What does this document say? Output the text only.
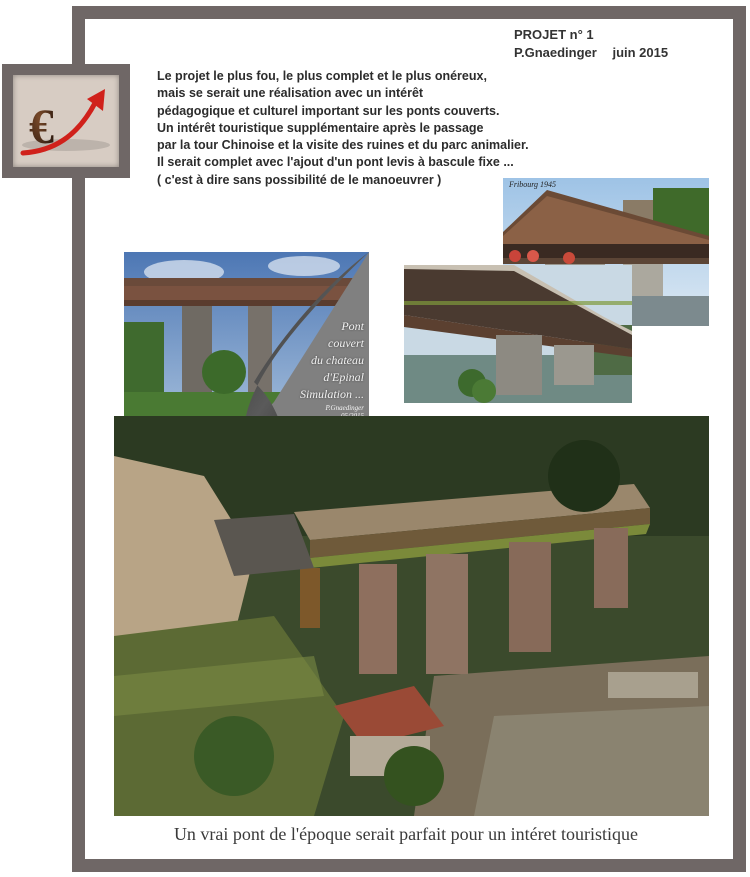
€
PROJET n° 1
P.Gnaedinger juin 2015
Le projet le plus fou, le plus complet et le plus onéreux,
mais se serait une réalisation avec un intérêt
pédagogique et culturel important sur les ponts couverts.
Un intérêt touristique supplémentaire après le passage
par la tour Chinoise et la visite des ruines et du parc animalier.
Il serait complet avec l'ajout d'un pont levis à bascule fixe ...
( c'est à dire sans possibilité de le manoeuvrer )	Fribourg 1945
Pont
couvert
du chateau
d'Epinal
Simulation ...
P.Gnaedinger
Un vrai pont de l'époque serait parfait pour un intéret touristique
